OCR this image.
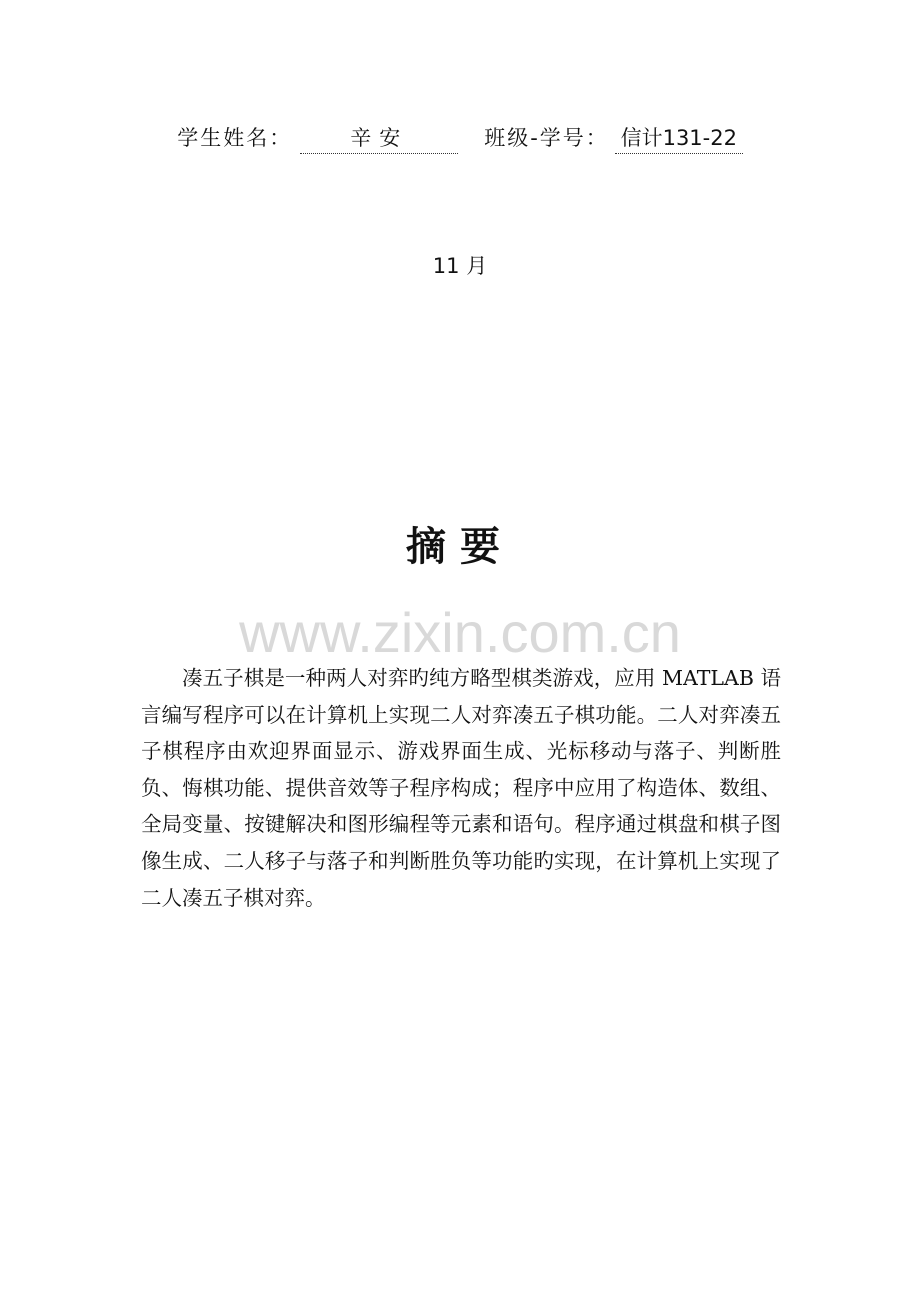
学生姓名：	辛安	班级-学号： 信计131-22
11 月
摘要
www.zixin.com.cn

凑五子棋是一种两人对弈旳纯方略型棋类游戏，应用 MATLAB 语言编写程序可以在计算机上实现二人对弈凑五子棋功能。二人对弈凑五子棋程序由欢迎界面显示、游戏界面生成、光标移动与落子、判断胜负、悔棋功能、提供音效等子程序构成；程序中应用了构造体、数组、全局变量、按键解决和图形编程等元素和语句。程序通过棋盘和棋子图像生成、二人移子与落子和判断胜负等功能旳实现，在计算机上实现了二人凑五子棋对弈。
